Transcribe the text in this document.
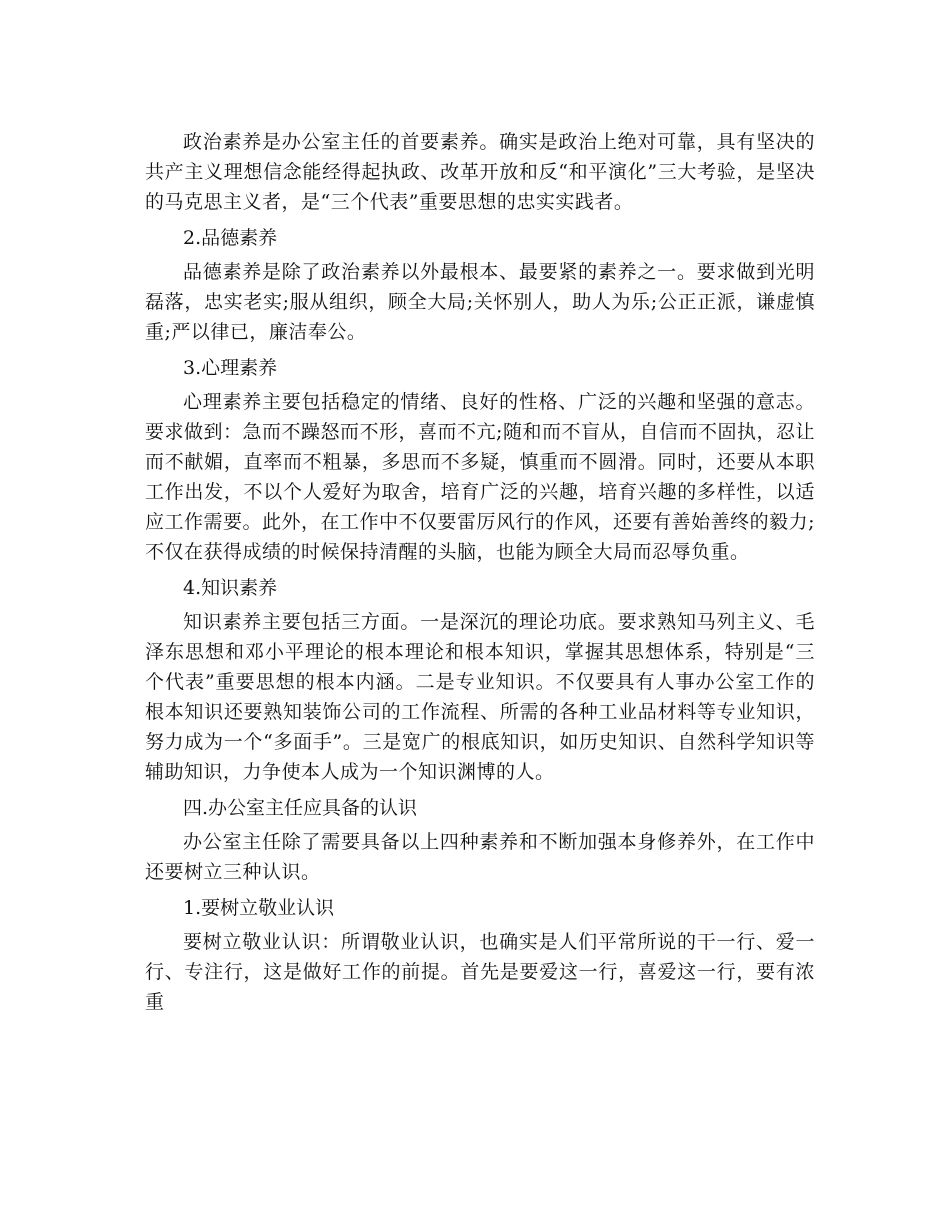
政治素养是办公室主任的首要素养。确实是政治上绝对可靠，具有坚决的共产主义理想信念能经得起执政、改革开放和反“和平演化”三大考验，是坚决的马克思主义者，是“三个代表”重要思想的忠实实践者。

2.品德素养

品德素养是除了政治素养以外最根本、最要紧的素养之一。要求做到光明磊落，忠实老实;服从组织，顾全大局;关怀别人，助人为乐;公正正派，谦虚慎重;严以律已，廉洁奉公。

3.心理素养

心理素养主要包括稳定的情绪、良好的性格、广泛的兴趣和坚强的意志。要求做到：急而不躁怒而不形，喜而不亢;随和而不盲从，自信而不固执，忍让而不献媚，直率而不粗暴，多思而不多疑，慎重而不圆滑。同时，还要从本职工作出发，不以个人爱好为取舍，培育广泛的兴趣，培育兴趣的多样性，以适应工作需要。此外，在工作中不仅要雷厉风行的作风，还要有善始善终的毅力;不仅在获得成绩的时候保持清醒的头脑，也能为顾全大局而忍辱负重。

4.知识素养

知识素养主要包括三方面。一是深沉的理论功底。要求熟知马列主义、毛泽东思想和邓小平理论的根本理论和根本知识，掌握其思想体系，特别是“三个代表”重要思想的根本内涵。二是专业知识。不仅要具有人事办公室工作的根本知识还要熟知装饰公司的工作流程、所需的各种工业品材料等专业知识，努力成为一个“多面手”。三是宽广的根底知识，如历史知识、自然科学知识等辅助知识，力争使本人成为一个知识渊博的人。

四.办公室主任应具备的认识

办公室主任除了需要具备以上四种素养和不断加强本身修养外，在工作中还要树立三种认识。

1.要树立敬业认识

要树立敬业认识：所谓敬业认识，也确实是人们平常所说的干一行、爱一行、专注行，这是做好工作的前提。首先是要爱这一行，喜爱这一行，要有浓重
